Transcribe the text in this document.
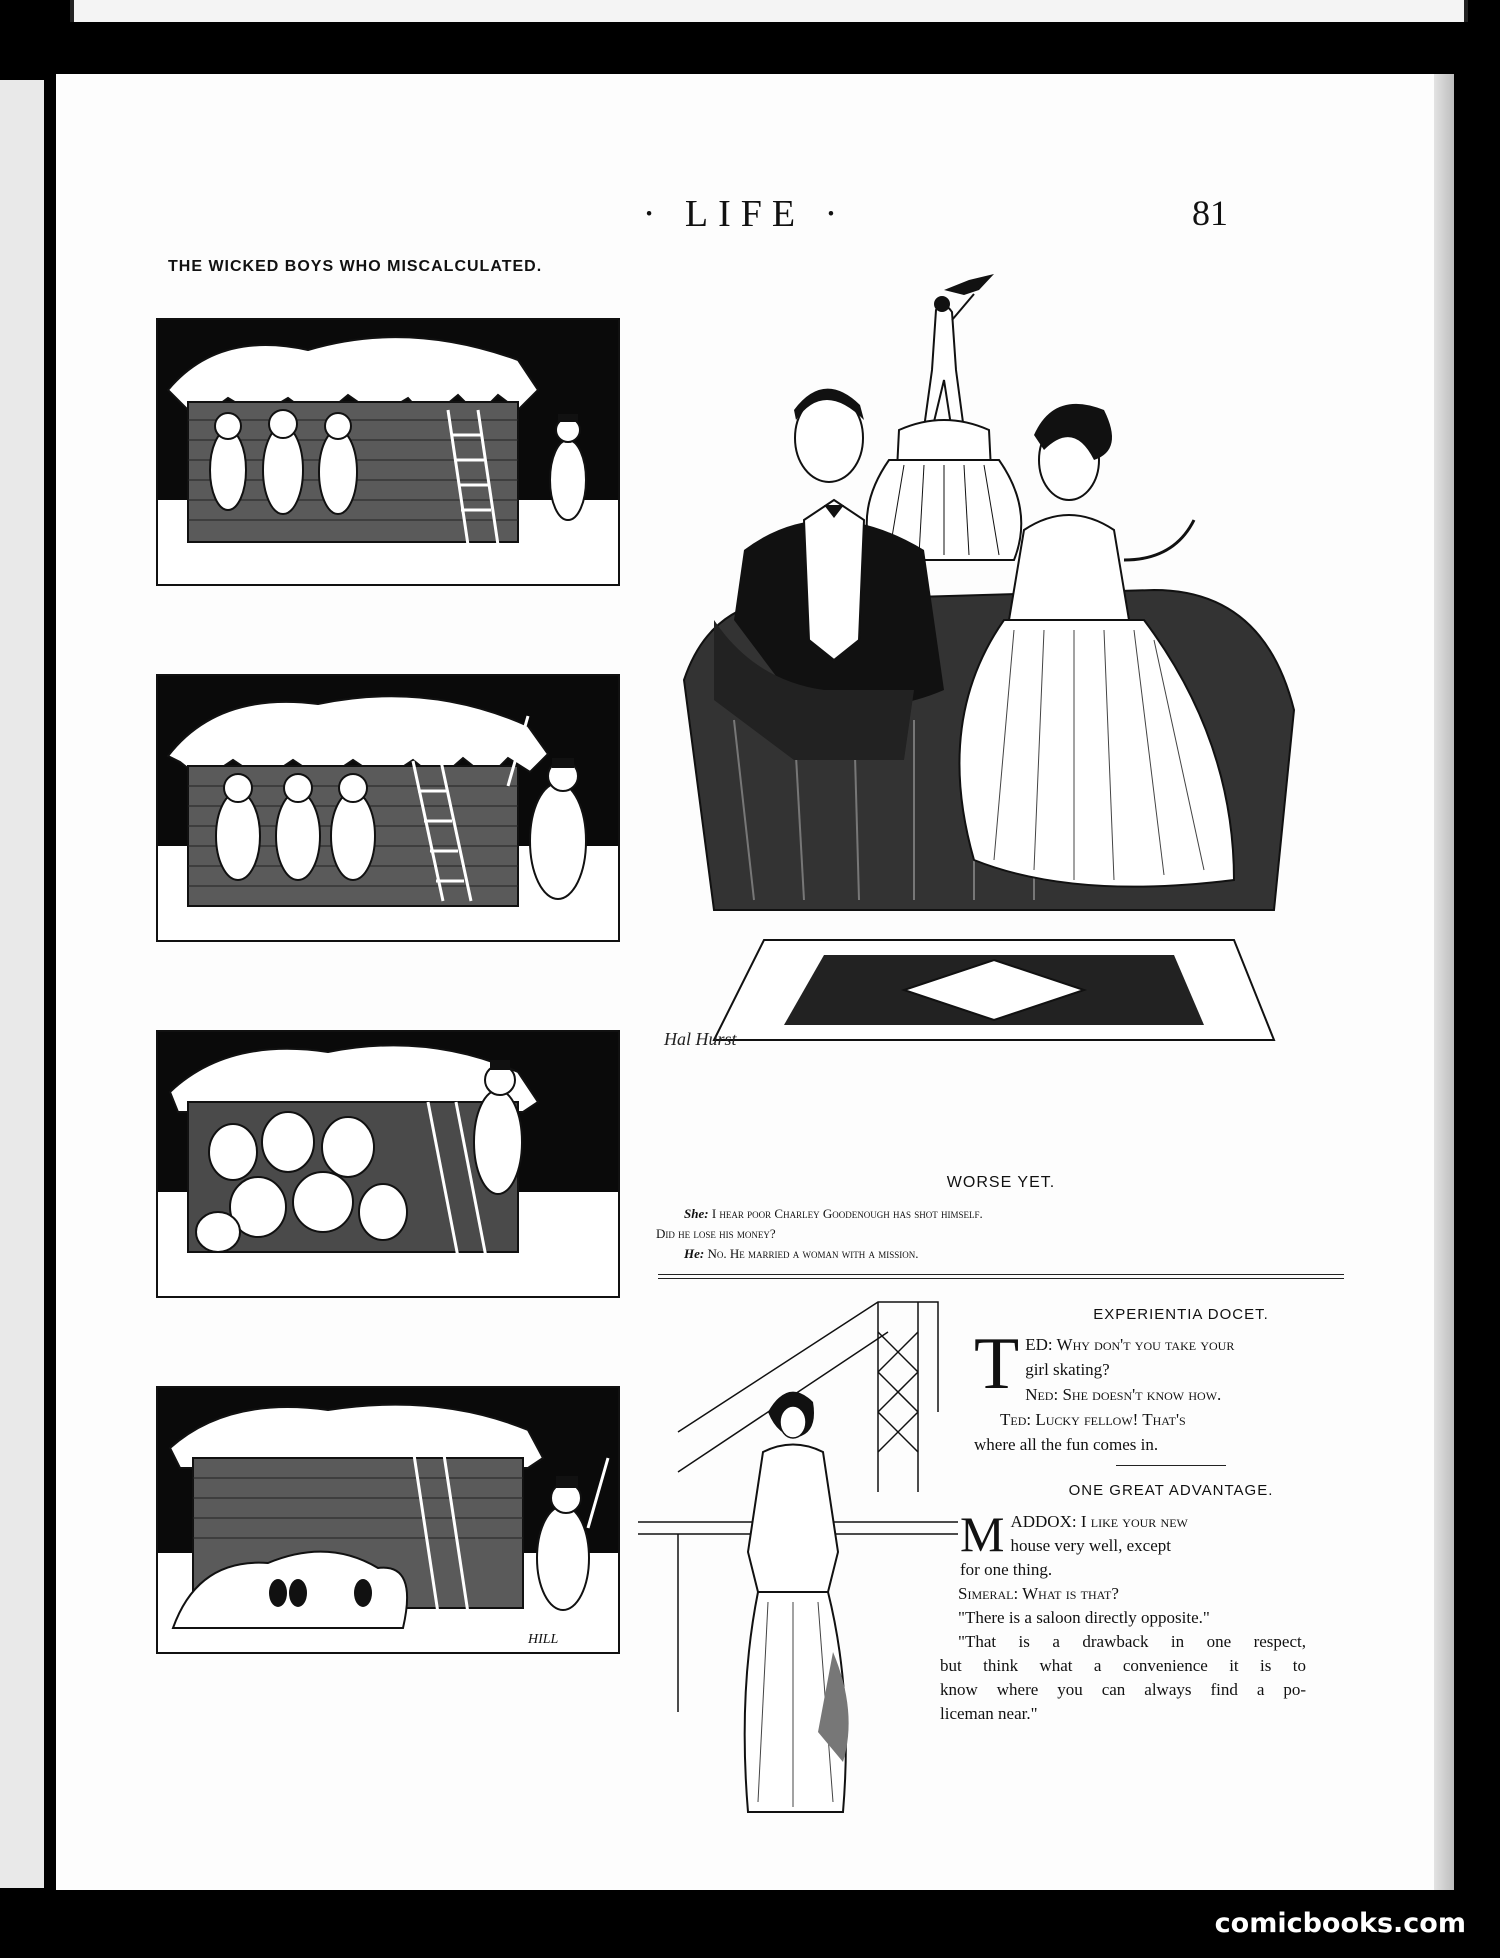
· LIFE ·	81
THE WICKED BOYS WHO MISCALCULATED.
HILL
Hal Hurst
WORSE YET.
She: I hear poor Charley Goodenough has shot himself.
Did he lose his money?
He: No. He married a woman with a mission.
EXPERIENTIA DOCET.
T ED: Why don't you take your
girl skating?
Ned: She doesn't know how.
Ted: Lucky fellow! That's
where all the fun comes in.
ONE GREAT ADVANTAGE.
M ADDOX: I like your new
house very well, except
for one thing.
Simeral: What is that?
"There is a saloon directly opposite."
"That is a drawback in one respect,
but think what a convenience it is to
know where you can always find a po-
liceman near."
comicbooks.com
